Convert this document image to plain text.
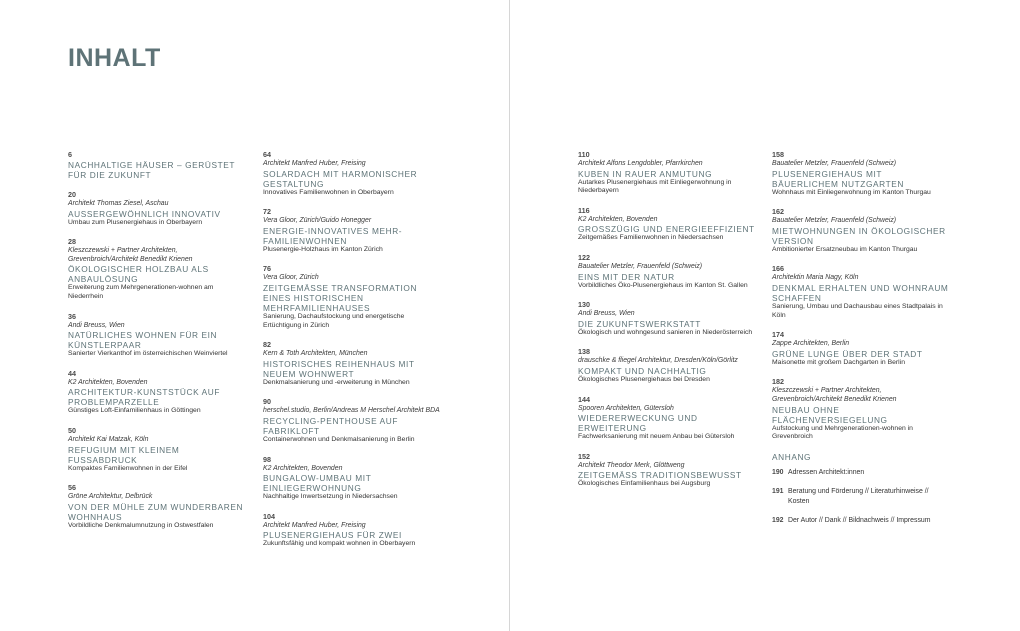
INHALT
6
NACHHALTIGE HÄUSER – GERÜSTET FÜR DIE ZUKUNFT
20
Architekt Thomas Ziesel, Aschau
AUSSERGEWÖHNLICH INNOVATIV
Umbau zum Plusenergiehaus in Oberbayern
28
Kleszczewski + Partner Architekten, Grevenbroich/Architekt Benedikt Krienen
ÖKOLOGISCHER HOLZBAU ALS ANBAULÖSUNG
Erweiterung zum Mehrgenerationen-wohnen am Niederrhein
36
Andi Breuss, Wien
NATÜRLICHES WOHNEN FÜR EIN KÜNSTLERPAAR
Sanierter Vierkanthof im österreichischen Weinviertel
44
K2 Architekten, Bovenden
ARCHITEKTUR-KUNSTSTÜCK AUF PROBLEMPARZELLE
Günstiges Loft-Einfamilienhaus in Göttingen
50
Architekt Kai Matzak, Köln
REFUGIUM MIT KLEINEM FUSSABDRUCK
Kompaktes Familienwohnen in der Eifel
56
Gröne Architektur, Delbrück
VON DER MÜHLE ZUM WUNDERBAREN WOHNHAUS
Vorbildliche Denkmalumnutzung in Ostwestfalen
64
Architekt Manfred Huber, Freising
SOLARDACH MIT HARMONISCHER GESTALTUNG
Innovatives Familienwohnen in Oberbayern
72
Vera Gloor, Zürich/Guido Honegger
ENERGIE-INNOVATIVES MEHR-FAMILIENWOHNEN
Plusenergie-Holzhaus im Kanton Zürich
76
Vera Gloor, Zürich
ZEITGEMÄSSE TRANSFORMATION EINES HISTORISCHEN MEHRFAMILIENHAUSES
Sanierung, Dachaufstockung und energetische Ertüchtigung in Zürich
82
Kern & Toth Architekten, München
HISTORISCHES REIHENHAUS MIT NEUEM WOHNWERT
Denkmalsanierung und -erweiterung in München
90
herschel.studio, Berlin/Andreas M Herschel Architekt BDA
RECYCLING-PENTHOUSE AUF FABRIKLOFT
Containerwohnen und Denkmalsanierung in Berlin
98
K2 Architekten, Bovenden
BUNGALOW-UMBAU MIT EINLIEGERWOHNUNG
Nachhaltige Inwertsetzung in Niedersachsen
104
Architekt Manfred Huber, Freising
PLUSENERGIEHAUS FÜR ZWEI
Zukunftsfähig und kompakt wohnen in Oberbayern
110
Architekt Alfons Lengdobler, Pfarrkirchen
KUBEN IN RAUER ANMUTUNG
Autarkes Plusenergiehaus mit Einliegerwohnung in Niederbayern
116
K2 Architekten, Bovenden
GROSSZÜGIG UND ENERGIEEFFIZIENT
Zeitgemäßes Familienwohnen in Niedersachsen
122
Bauatelier Metzler, Frauenfeld (Schweiz)
EINS MIT DER NATUR
Vorbildliches Öko-Plusenergiehaus im Kanton St. Gallen
130
Andi Breuss, Wien
DIE ZUKUNFTSWERKSTATT
Ökologisch und wohngesund sanieren in Niederösterreich
138
drauschke & fliegel Architektur, Dresden/Köln/Görlitz
KOMPAKT UND NACHHALTIG
Ökologisches Plusenergiehaus bei Dresden
144
Spooren Architekten, Gütersloh
WIEDERERWECKUNG UND ERWEITERUNG
Fachwerksanierung mit neuem Anbau bei Gütersloh
152
Architekt Theodor Merk, Glöttweng
ZEITGEMÄSS TRADITIONSBEWUSST
Ökologisches Einfamilienhaus bei Augsburg
158
Bauatelier Metzler, Frauenfeld (Schweiz)
PLUSENERGIEHAUS MIT BÄUERLICHEM NUTZGARTEN
Wohnhaus mit Einliegerwohnung im Kanton Thurgau
162
Bauatelier Metzler, Frauenfeld (Schweiz)
MIETWOHNUNGEN IN ÖKOLOGISCHER VERSION
Ambitionierter Ersatzneubau im Kanton Thurgau
166
Architektin Maria Nagy, Köln
DENKMAL ERHALTEN UND WOHNRAUM SCHAFFEN
Sanierung, Umbau und Dachausbau eines Stadtpalais in Köln
174
Zappe Architekten, Berlin
GRÜNE LUNGE ÜBER DER STADT
Maisonette mit großem Dachgarten in Berlin
182
Kleszczewski + Partner Architekten, Grevenbroich/Architekt Benedikt Krienen
NEUBAU OHNE FLÄCHENVERSIEGELUNG
Aufstockung und Mehrgenerationen-wohnen in Grevenbroich
ANHANG
190 Adressen Architekt:innen
191 Beratung und Förderung // Literaturhinweise // Kosten
192 Der Autor // Dank // Bildnachweis // Impressum
